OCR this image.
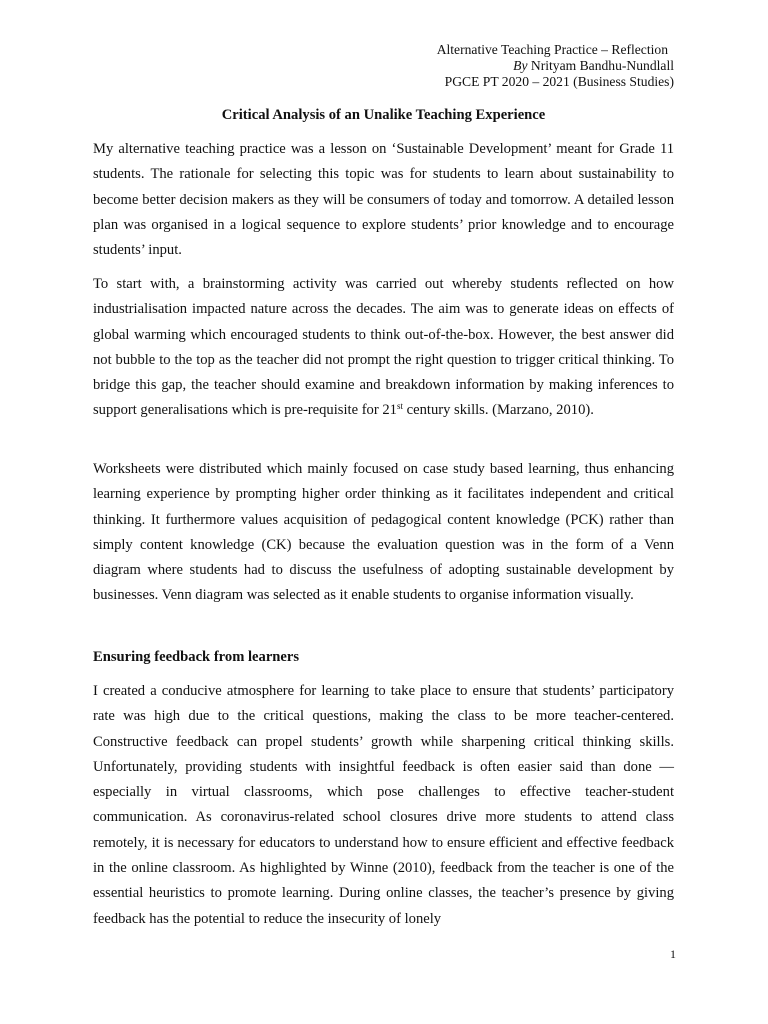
Alternative Teaching Practice – Reflection
By Nrityam Bandhu-Nundlall
PGCE PT 2020 – 2021 (Business Studies)
Critical Analysis of an Unalike Teaching Experience

My alternative teaching practice was a lesson on ‘Sustainable Development’ meant for Grade 11 students. The rationale for selecting this topic was for students to learn about sustainability to become better decision makers as they will be consumers of today and tomorrow. A detailed lesson plan was organised in a logical sequence to explore students’ prior knowledge and to encourage students’ input.

To start with, a brainstorming activity was carried out whereby students reflected on how industrialisation impacted nature across the decades. The aim was to generate ideas on effects of global warming which encouraged students to think out-of-the-box. However, the best answer did not bubble to the top as the teacher did not prompt the right question to trigger critical thinking. To bridge this gap, the teacher should examine and breakdown information by making inferences to support generalisations which is pre-requisite for 21st century skills. (Marzano, 2010).

Worksheets were distributed which mainly focused on case study based learning, thus enhancing learning experience by prompting higher order thinking as it facilitates independent and critical thinking. It furthermore values acquisition of pedagogical content knowledge (PCK) rather than simply content knowledge (CK) because the evaluation question was in the form of a Venn diagram where students had to discuss the usefulness of adopting sustainable development by businesses. Venn diagram was selected as it enable students to organise information visually.

Ensuring feedback from learners

I created a conducive atmosphere for learning to take place to ensure that students’ participatory rate was high due to the critical questions, making the class to be more teacher-centered. Constructive feedback can propel students’ growth while sharpening critical thinking skills. Unfortunately, providing students with insightful feedback is often easier said than done — especially in virtual classrooms, which pose challenges to effective teacher-student communication. As coronavirus-related school closures drive more students to attend class remotely, it is necessary for educators to understand how to ensure efficient and effective feedback in the online classroom. As highlighted by Winne (2010), feedback from the teacher is one of the essential heuristics to promote learning. During online classes, the teacher’s presence by giving feedback has the potential to reduce the insecurity of lonely

1
